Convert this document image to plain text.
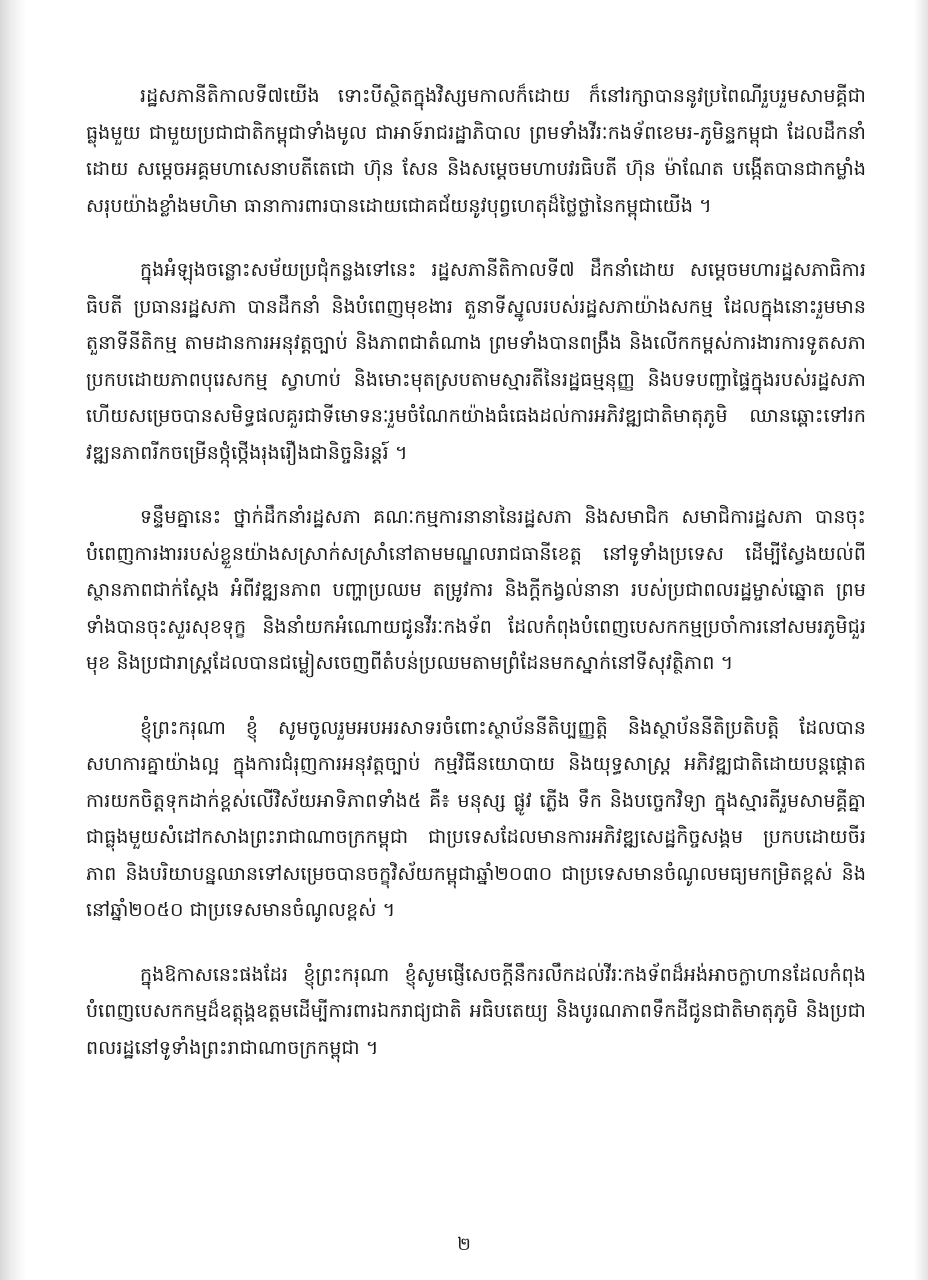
រដ្ឋសភានីតិកាលទី៧យើង ទោះបីស្ថិតក្នុងវិស្សមកាលក៏ដោយ ក៏នៅរក្សាបាននូវប្រពៃណីរួបរួមសាមគ្គីជាធ្លុងមួយ ជាមួយប្រជាជាតិកម្ពុជាទាំងមូល ជាអាទ៍រាជរដ្ឋាភិបាល ព្រមទាំងវីរៈកងទ័ពខេមរ-ភូមិន្ទកម្ពុជា ដែលដឹកនាំដោយ សម្តេចអគ្គមហាសេនាបតីតេជោ ហ៊ុន សែន និងសម្តេចមហាបវរធិបតី ហ៊ុន ម៉ាណែត បង្កើតបានជាកម្លាំងសរុបយ៉ាងខ្លាំងមហិមា ធានាការពារបានដោយជោគជ័យនូវបុព្វហេតុដ៏ថ្លៃថ្លានៃកម្ពុជាយើង ។

ក្នុងអំឡុងចន្លោះសម័យប្រជុំកន្លងទៅនេះ រដ្ឋសភានីតិកាលទី៧ ដឹកនាំដោយ សម្តេចមហារដ្ឋសភាធិការធិបតី ប្រធានរដ្ឋសភា បានដឹកនាំ និងបំពេញមុខងារ តួនាទីស្នូលរបស់រដ្ឋសភាយ៉ាងសកម្ម ដែលក្នុងនោះរួមមាន តួនាទីនីតិកម្ម តាមដានការអនុវត្តច្បាប់ និងភាពជាតំណាង ព្រមទាំងបានពង្រឹង និងលើកកម្ពស់ការងារការទូតសភាប្រកបដោយភាពបុរេសកម្ម ស្វាហាប់ និងមោះមុតស្របតាមស្មារតីនៃរដ្ឋធម្មនុញ្ញ និងបទបញ្ជាផ្ទៃក្នុងរបស់រដ្ឋសភា ហើយសម្រេចបានសមិទ្ធផលគួរជាទីមោទនៈរួមចំណែកយ៉ាងធំធេងដល់ការអភិវឌ្ឍជាតិមាតុភូមិ ឈានឆ្ពោះទៅរកវឌ្ឍនភាពរីកចម្រើនថ្កុំថ្កើងរុងរឿងជានិច្ចនិរន្តរ៍ ។

ទន្ទឹមគ្នានេះ ថ្នាក់ដឹកនាំរដ្ឋសភា គណៈកម្មការនានានៃរដ្ឋសភា និងសមាជិក សមាជិការដ្ឋសភា បានចុះបំពេញការងាររបស់ខ្លួនយ៉ាងសស្រាក់សស្រាំនៅតាមមណ្ឌលរាជធានីខេត្ត នៅទូទាំងប្រទេស ដើម្បីស្វែងយល់ពីស្ថានភាពជាក់ស្តែង អំពីវឌ្ឍនភាព បញ្ហាប្រឈម តម្រូវការ និងក្តីកង្វល់នានា របស់ប្រជាពលរដ្ឋម្ចាស់ឆ្នោត ព្រមទាំងបានចុះសួរសុខទុក្ខ និងនាំយកអំណោយជូនវីរៈកងទ័ព ដែលកំពុងបំពេញបេសកកម្មប្រចាំការនៅសមរភូមិជួរមុខ និងប្រជារាស្ត្រដែលបានជម្លៀសចេញពីតំបន់ប្រឈមតាមព្រំដែនមកស្នាក់នៅទីសុវត្ថិភាព ។

ខ្ញុំព្រះករុណា ខ្ញុំ សូមចូលរួមអបអរសាទរចំពោះស្ថាប័ននីតិប្បញ្ញត្តិ និងស្ថាប័ននីតិប្រតិបត្តិ ដែលបានសហការគ្នាយ៉ាងល្អ ក្នុងការជំរុញការអនុវត្តច្បាប់ កម្មវិធីនយោបាយ និងយុទ្ធសាស្ត្រ អភិវឌ្ឍជាតិដោយបន្តផ្តោតការយកចិត្តទុកដាក់ខ្ពស់លើវិស័យអាទិភាពទាំង៥ គឺ៖ មនុស្ស ផ្លូវ ភ្លើង ទឹក និងបច្ចេកវិទ្យា ក្នុងស្មារតីរួមសាមគ្គីគ្នាជាធ្លុងមួយសំដៅកសាងព្រះរាជាណាចក្រកម្ពុជា ជាប្រទេសដែលមានការអភិវឌ្ឍសេដ្ឋកិច្ចសង្គម ប្រកបដោយចីរភាព និងបរិយាបន្នឈានទៅសម្រេចបានចក្ខុវិស័យកម្ពុជាឆ្នាំ២០៣០ ជាប្រទេសមានចំណូលមធ្យមកម្រិតខ្ពស់ និងនៅឆ្នាំ២០៥០ ជាប្រទេសមានចំណូលខ្ពស់ ។

ក្នុងឱកាសនេះផងដែរ ខ្ញុំព្រះករុណា ខ្ញុំសូមផ្ញើសេចក្តីនឹករលឹកដល់វីរៈកងទ័ពដ៏អង់អាចក្លាហានដែលកំពុងបំពេញបេសកកម្មដ៏ឧត្តុង្គឧត្តមដើម្បីការពារឯករាជ្យជាតិ អធិបតេយ្យ និងបូរណភាពទឹកដីជូនជាតិមាតុភូមិ និងប្រជាពលរដ្ឋនៅទូទាំងព្រះរាជាណាចក្រកម្ពុជា ។

២
